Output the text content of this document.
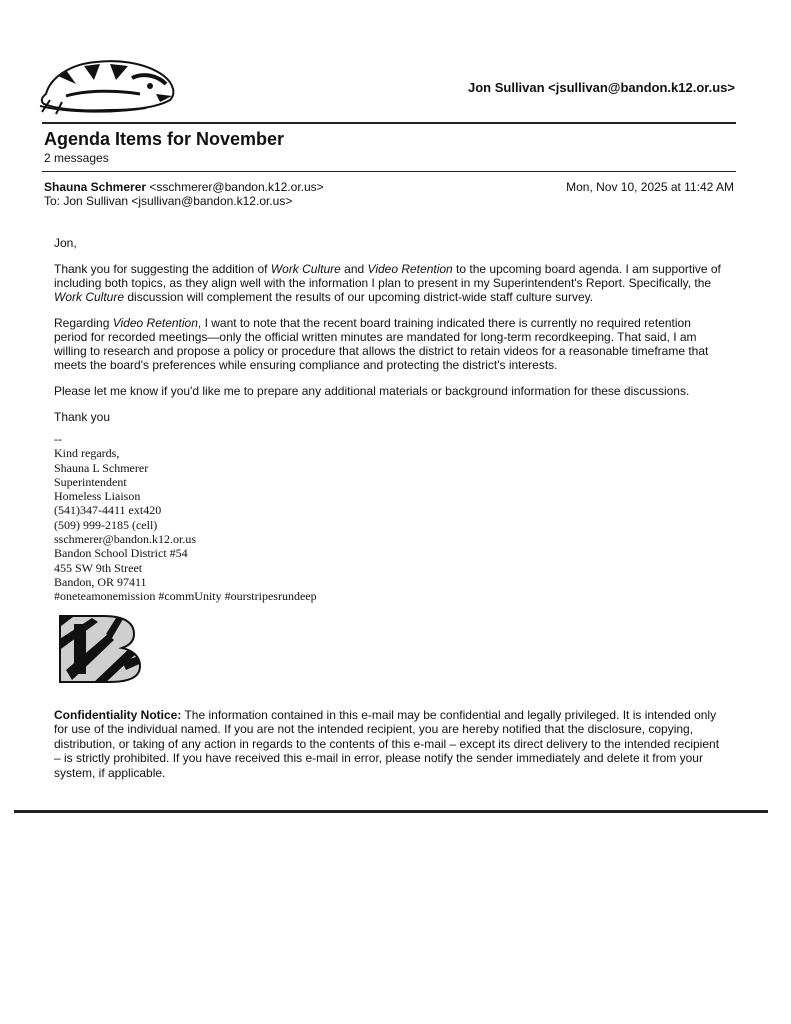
Jon Sullivan <jsullivan@bandon.k12.or.us>
Agenda Items for November
2 messages
Shauna Schmerer <sschmerer@bandon.k12.or.us>	Mon, Nov 10, 2025 at 11:42 AM
To: Jon Sullivan <jsullivan@bandon.k12.or.us>

Jon,

Thank you for suggesting the addition of Work Culture and Video Retention to the upcoming board agenda. I am supportive of including both topics, as they align well with the information I plan to present in my Superintendent's Report. Specifically, the Work Culture discussion will complement the results of our upcoming district-wide staff culture survey.

Regarding Video Retention, I want to note that the recent board training indicated there is currently no required retention period for recorded meetings—only the official written minutes are mandated for long-term recordkeeping. That said, I am willing to research and propose a policy or procedure that allows the district to retain videos for a reasonable timeframe that meets the board's preferences while ensuring compliance and protecting the district's interests.

Please let me know if you'd like me to prepare any additional materials or background information for these discussions.

Thank you

--
Kind regards,
Shauna L Schmerer
Superintendent
Homeless Liaison
(541)347-4411 ext420
(509) 999-2185 (cell)
sschmerer@bandon.k12.or.us
Bandon School District #54
455 SW 9th Street
Bandon, OR 97411
#oneteamonemission #commUnity #ourstripesrundeep
Confidentiality Notice: The information contained in this e-mail may be confidential and legally privileged. It is intended only for use of the individual named. If you are not the intended recipient, you are hereby notified that the disclosure, copying, distribution, or taking of any action in regards to the contents of this e-mail – except its direct delivery to the intended recipient – is strictly prohibited. If you have received this e-mail in error, please notify the sender immediately and delete it from your system, if applicable.
